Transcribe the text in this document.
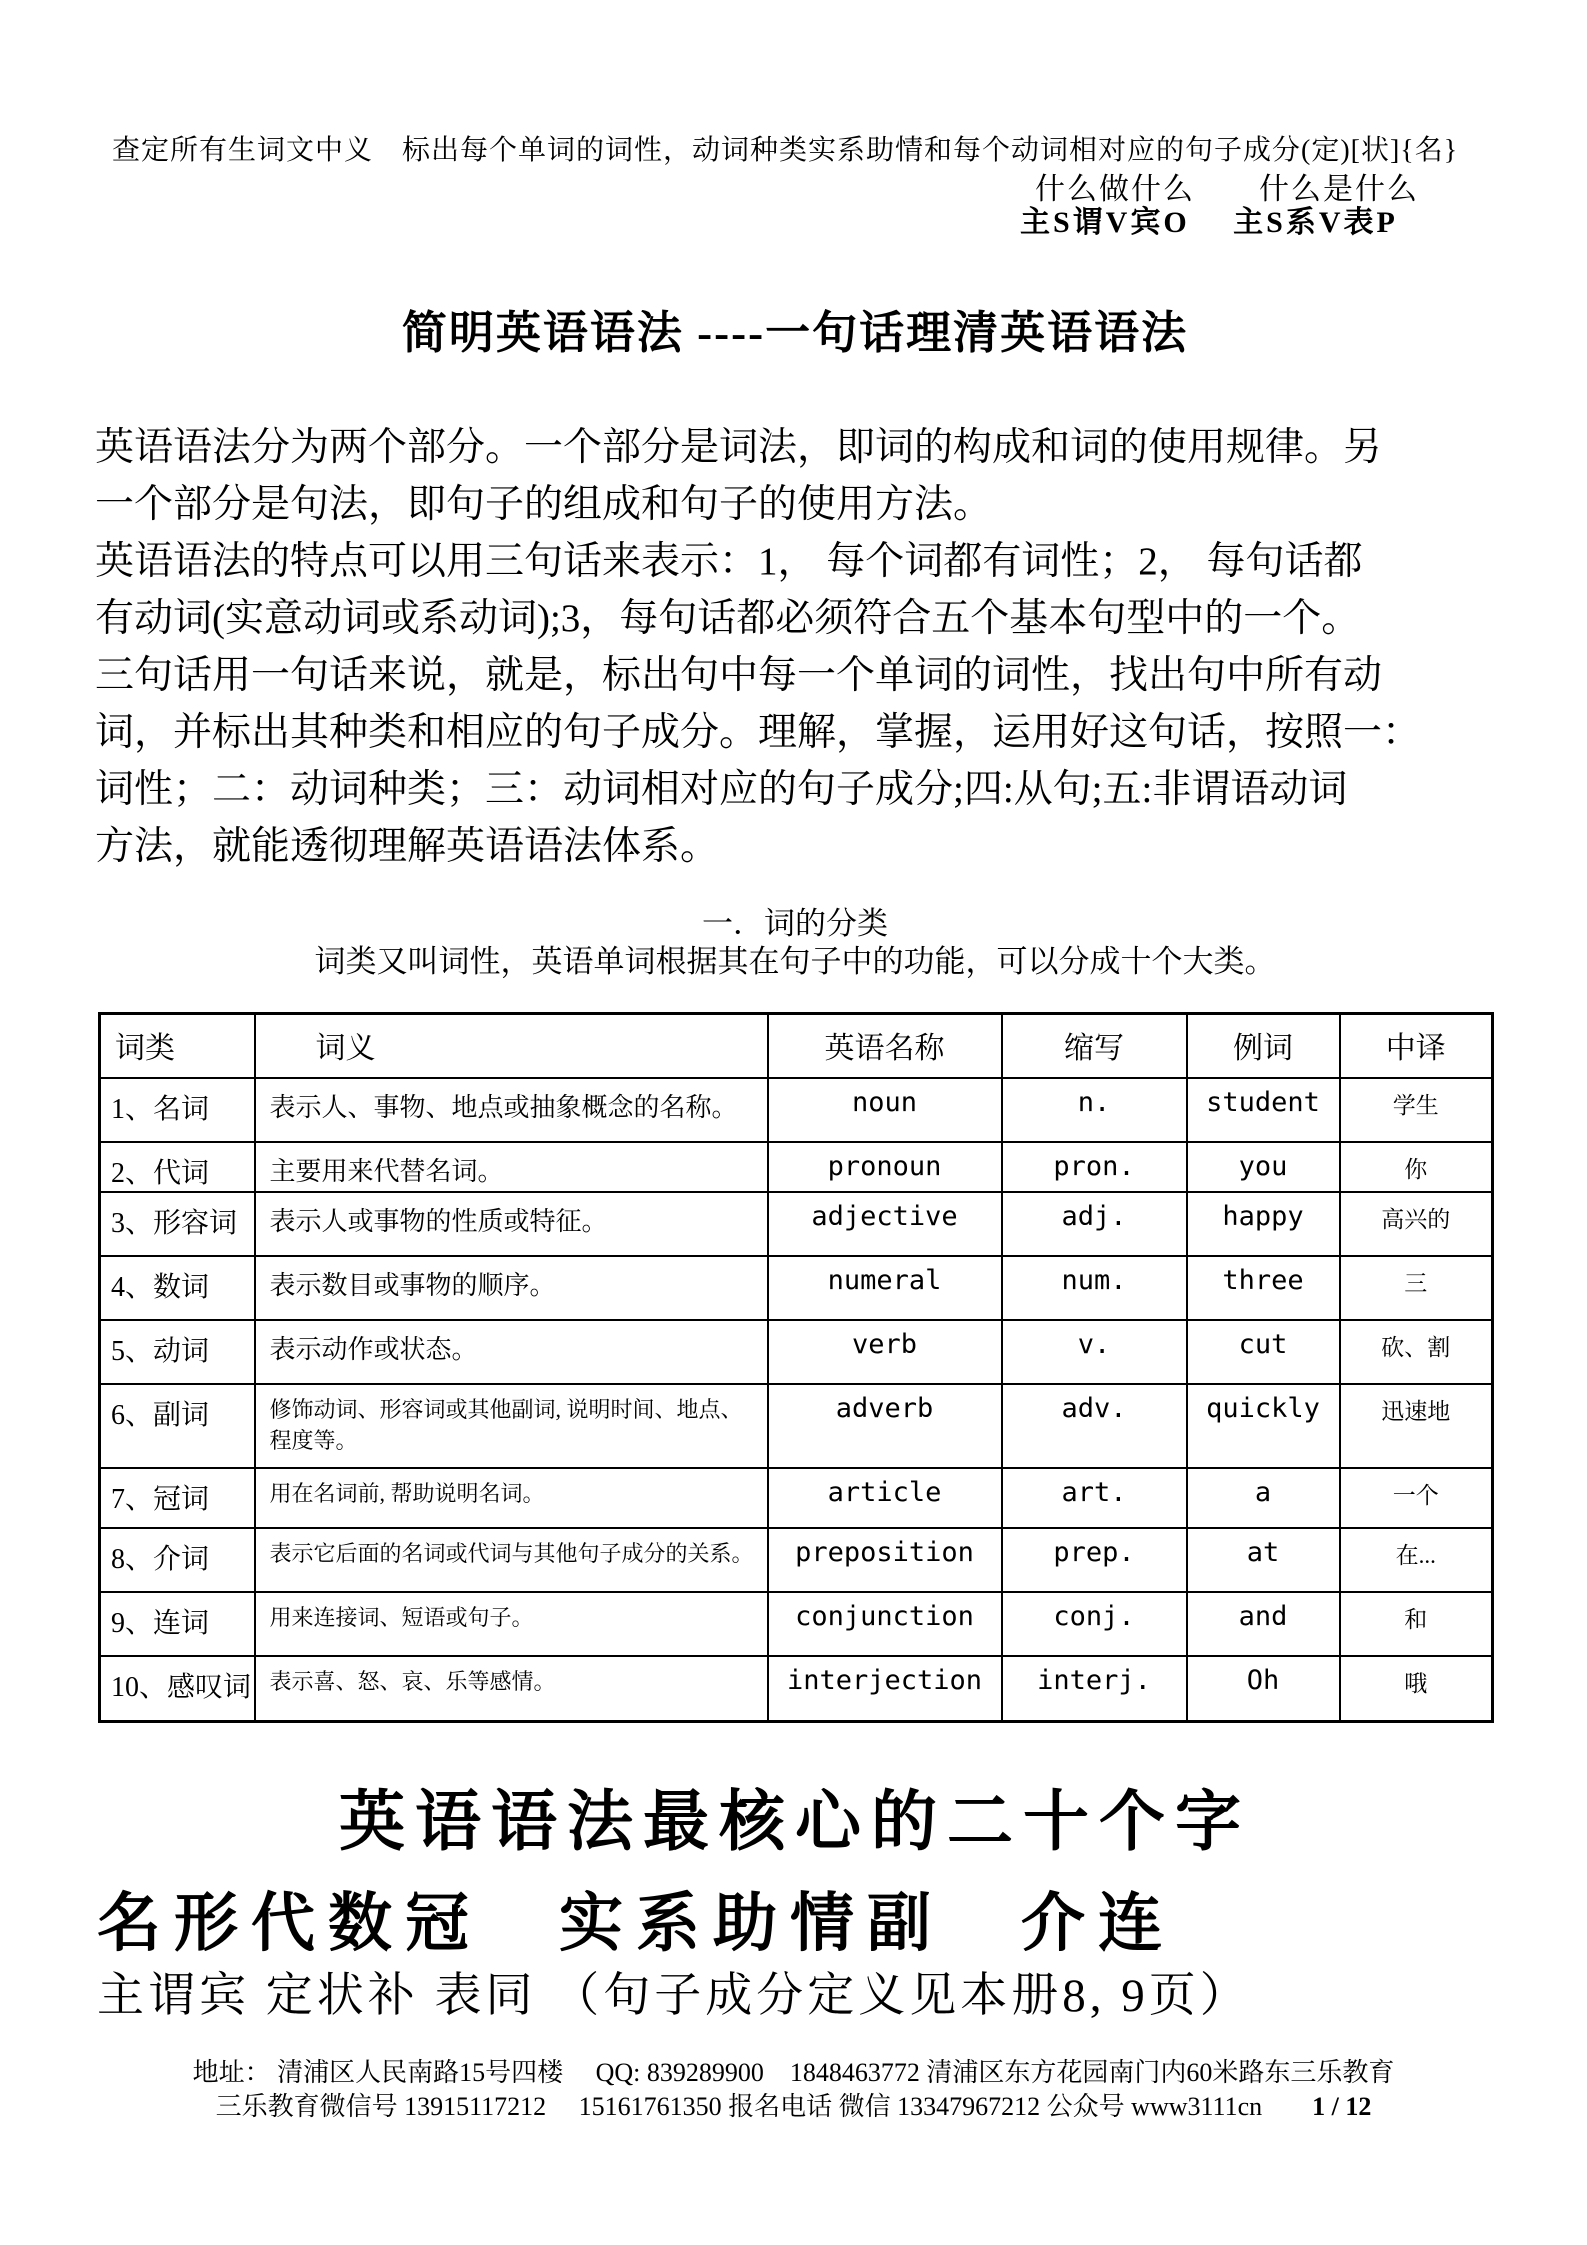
查定所有生词文中义　标出每个单词的词性，动词种类实系助情和每个动词相对应的句子成分(定)[状]{名}
什么做什么　　什么是什么
主S谓V宾O　 主S系V表P
简明英语语法 ----一句话理清英语语法
英语语法分为两个部分。一个部分是词法，即词的构成和词的使用规律。另
一个部分是句法，即句子的组成和句子的使用方法。
英语语法的特点可以用三句话来表示：1， 每个词都有词性；2， 每句话都
有动词(实意动词或系动词);3，每句话都必须符合五个基本句型中的一个。
三句话用一句话来说，就是，标出句中每一个单词的词性，找出句中所有动
词，并标出其种类和相应的句子成分。理解，掌握，运用好这句话，按照一：
词性；二：动词种类；三：动词相对应的句子成分;四:从句;五:非谓语动词
方法，就能透彻理解英语语法体系。
一．词的分类
词类又叫词性，英语单词根据其在句子中的功能，可以分成十个大类。
词类	词义	英语名称	缩写	例词	中译
1、名词	表示人、事物、地点或抽象概念的名称。	noun	n.	student	学生
2、代词	主要用来代替名词。	pronoun	pron.	you	你
3、形容词	表示人或事物的性质或特征。	adjective	adj.	happy	高兴的
4、数词	表示数目或事物的顺序。	numeral	num.	three	三
5、动词	表示动作或状态。	verb	v.	cut	砍、割
6、副词	修饰动词、形容词或其他副词, 说明时间、地点、程度等。	adverb	adv.	quickly	迅速地
7、冠词	用在名词前, 帮助说明名词。	article	art.	a	一个
8、介词	表示它后面的名词或代词与其他句子成分的关系。	preposition	prep.	at	在...
9、连词	用来连接词、短语或句子。	conjunction	conj.	and	和
10、感叹词	表示喜、怒、哀、乐等感情。	interjection	interj.	Oh	哦
英语语法最核心的二十个字
名形代数冠　实系助情副　介连
主谓宾 定状补 表同 （句子成分定义见本册8, 9页）
地址： 清浦区人民南路15号四楼　 QQ: 839289900　1848463772 清浦区东方花园南门内60米路东三乐教育
三乐教育微信号 13915117212　 15161761350 报名电话 微信 13347967212 公众号 www3111cn 1 / 12
